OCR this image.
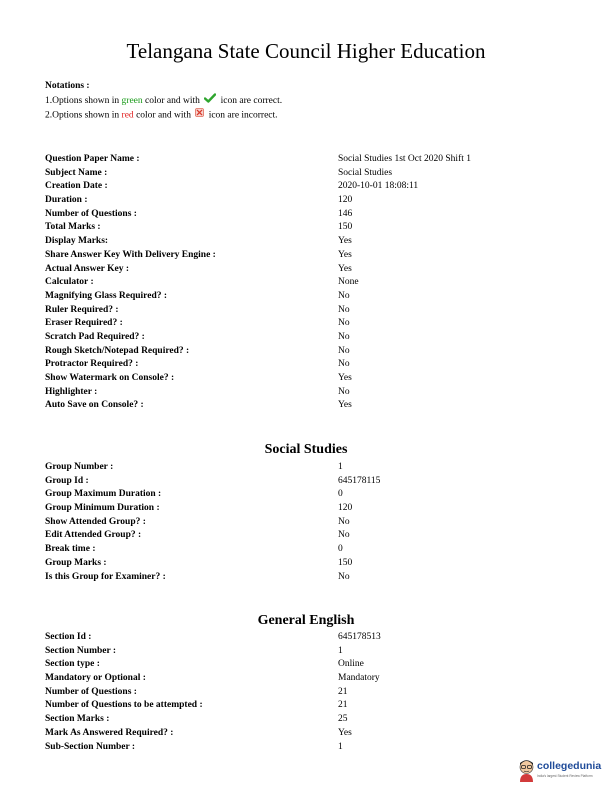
Telangana State Council Higher Education
Notations :
1.Options shown in green color and with  icon are correct.
2.Options shown in red color and with  icon are incorrect.
Question Paper Name :	Social Studies 1st Oct 2020 Shift 1
Subject Name :	Social Studies
Creation Date :	2020-10-01 18:08:11
Duration :	120
Number of Questions :	146
Total Marks :	150
Display Marks:	Yes
Share Answer Key With Delivery Engine :	Yes
Actual Answer Key :	Yes
Calculator :	None
Magnifying Glass Required? :	No
Ruler Required? :	No
Eraser Required? :	No
Scratch Pad Required? :	No
Rough Sketch/Notepad Required? :	No
Protractor Required? :	No
Show Watermark on Console? :	Yes
Highlighter :	No
Auto Save on Console? :	Yes
Social Studies
Group Number :	1
Group Id :	645178115
Group Maximum Duration :	0
Group Minimum Duration :	120
Show Attended Group? :	No
Edit Attended Group? :	No
Break time :	0
Group Marks :	150
Is this Group for Examiner? :	No
General English
Section Id :	645178513
Section Number :	1
Section type :	Online
Mandatory or Optional :	Mandatory
Number of Questions :	21
Number of Questions to be attempted :	21
Section Marks :	25
Mark As Answered Required? :	Yes
Sub-Section Number :	1
collegedunia
India's largest Student Review Platform
